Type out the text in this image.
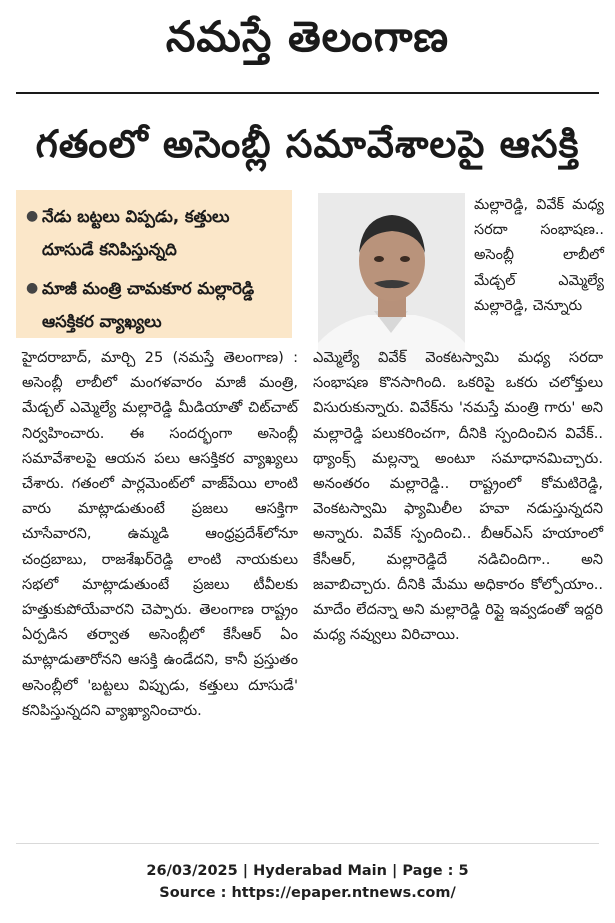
నమస్తే తెలంగాణ
గతంలో అసెంబ్లీ సమావేశాలపై ఆసక్తి
● నేడు బట్టలు విప్పడు, కత్తులు దూసుడే కనిపిస్తున్నది
● మాజీ మంత్రి చామకూర మల్లారెడ్డి ఆసక్తికర వ్యాఖ్యలు
మల్లారెడ్డి, వివేక్ మధ్య సరదా సంభాషణ.. అసెంబ్లీ లాబీలో మేడ్చల్ ఎమ్మెల్యే మల్లారెడ్డి, చెన్నూరు
హైదరాబాద్, మార్చి 25 (నమస్తే తెలంగాణ) : అసెంబ్లీ లాబీలో మంగళవారం మాజీ మంత్రి, మేడ్చల్ ఎమ్మెల్యే మల్లారెడ్డి మీడియాతో చిట్‌చాట్ నిర్వహించారు. ఈ సందర్భంగా అసెంబ్లీ సమావేశాలపై ఆయన పలు ఆసక్తికర వ్యాఖ్యలు చేశారు. గతంలో పార్లమెంట్‌లో వాజ్‌పేయి లాంటి వారు మాట్లాడుతుంటే ప్రజలు ఆసక్తిగా చూసేవారని, ఉమ్మడి ఆంధ్రప్రదేశ్‌లోనూ చంద్రబాబు, రాజశేఖర్‌రెడ్డి లాంటి నాయకులు సభలో మాట్లాడుతుంటే ప్రజలు టీవీలకు హత్తుకుపోయేవారని చెప్పారు. తెలంగాణ రాష్ట్రం ఏర్పడిన తర్వాత అసెంబ్లీలో కేసీఆర్ ఏం మాట్లాడుతారోనని ఆసక్తి ఉండేదని, కానీ ప్రస్తుతం అసెంబ్లీలో 'బట్టలు విప్పుడు, కత్తులు దూసుడే' కనిపిస్తున్నదని వ్యాఖ్యానించారు.
ఎమ్మెల్యే వివేక్ వెంకటస్వామి మధ్య సరదా సంభాషణ కొనసాగింది. ఒకరిపై ఒకరు చలోక్తులు విసురుకున్నారు. వివేక్‌ను 'నమస్తే మంత్రి గారు' అని మల్లారెడ్డి పలుకరించగా, దీనికి స్పందించిన వివేక్.. థ్యాంక్స్ మల్లన్నా అంటూ సమాధానమిచ్చారు. అనంతరం మల్లారెడ్డి.. రాష్ట్రంలో కోమటిరెడ్డి, వెంకటస్వామి ఫ్యామిలీల హవా నడుస్తున్నదని అన్నారు. వివేక్ స్పందించి.. బీఆర్ఎస్ హయాంలో కేసీఆర్, మల్లారెడ్డిదే నడిచిందిగా.. అని జవాబిచ్చారు. దీనికి మేము అధికారం కోల్పోయాం.. మాదేం లేదన్నా అని మల్లారెడ్డి రిప్లై ఇవ్వడంతో ఇద్దరి మధ్య నవ్వులు విరిచాయి.
26/03/2025 | Hyderabad Main | Page : 5
Source : https://epaper.ntnews.com/
